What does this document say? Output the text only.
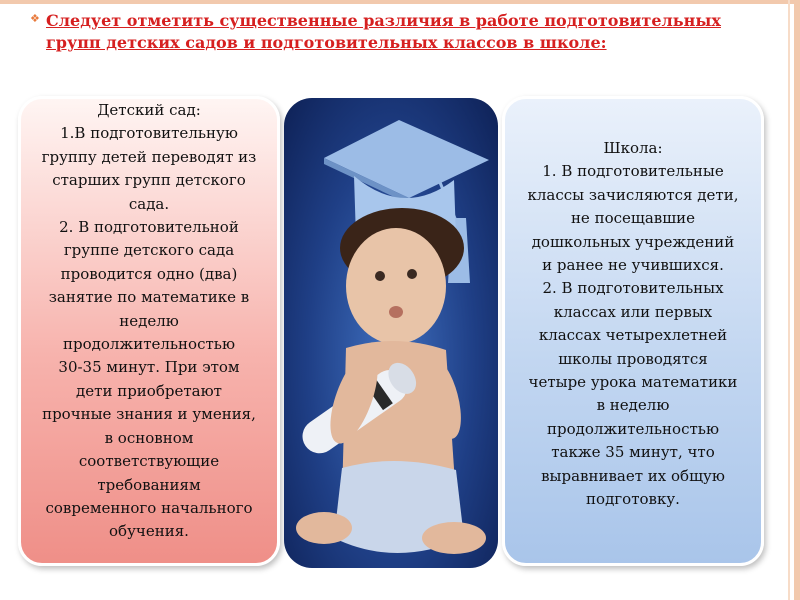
❖ Следует отметить существенные различия в работе подготовительных групп детских садов и подготовительных классов в школе:

Детский сад:

1.В подготовительную

группу детей переводят из

старших групп детского

сада.

2. В подготовительной

группе детского сада

проводится одно (два)

занятие по математике в

неделю

продолжительностью

30-35 минут. При этом

дети приобретают

прочные знания и умения,

в основном

соответствующие

требованиям

современного начального

обучения.

Школа:

1. В подготовительные

классы зачисляются дети,

не посещавшие

дошкольных учреждений

и ранее не учившихся.

2. В подготовительных

классах или первых

классах четырехлетней

школы проводятся

четыре урока математики

в неделю

продолжительностью

также 35 минут, что

выравнивает их общую

подготовку.
